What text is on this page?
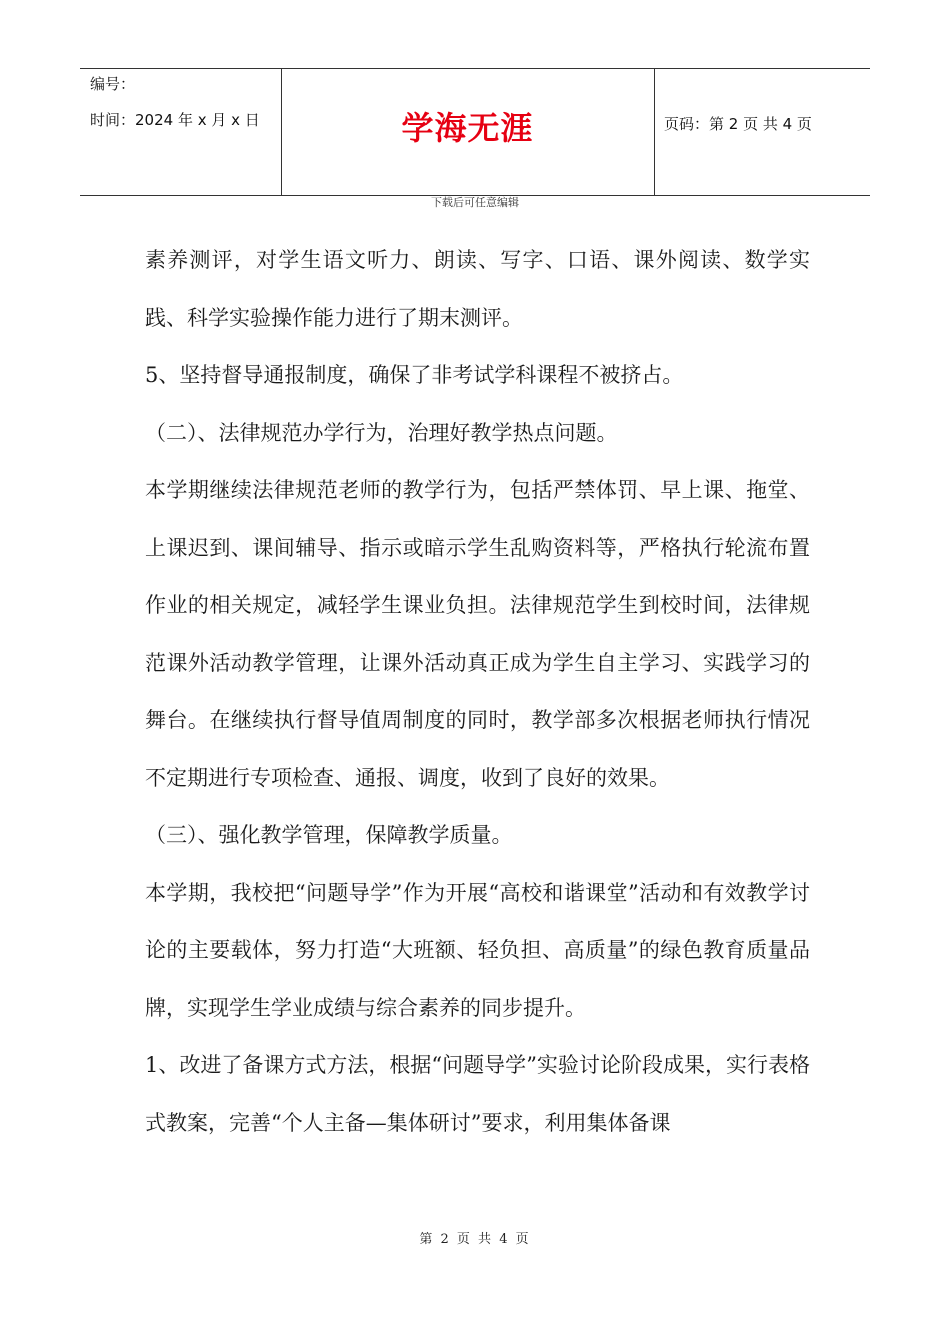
编号：
时间：2024 年 x 月 x 日	学海无涯	页码：第 2 页 共 4 页
下载后可任意编辑

素养测评，对学生语文听力、朗读、写字、口语、课外阅读、数学实践、科学实验操作能力进行了期末测评。

5、坚持督导通报制度，确保了非考试学科课程不被挤占。

（二）、法律规范办学行为，治理好教学热点问题。

本学期继续法律规范老师的教学行为，包括严禁体罚、早上课、拖堂、上课迟到、课间辅导、指示或暗示学生乱购资料等，严格执行轮流布置作业的相关规定，减轻学生课业负担。法律规范学生到校时间，法律规范课外活动教学管理，让课外活动真正成为学生自主学习、实践学习的舞台。在继续执行督导值周制度的同时，教学部多次根据老师执行情况不定期进行专项检查、通报、调度，收到了良好的效果。

（三）、强化教学管理，保障教学质量。

本学期，我校把“问题导学”作为开展“高校和谐课堂”活动和有效教学讨论的主要载体，努力打造“大班额、轻负担、高质量”的绿色教育质量品牌，实现学生学业成绩与综合素养的同步提升。

1、改进了备课方式方法，根据“问题导学”实验讨论阶段成果，实行表格式教案，完善“个人主备—集体研讨”要求，利用集体备课

第 2 页 共 4 页
